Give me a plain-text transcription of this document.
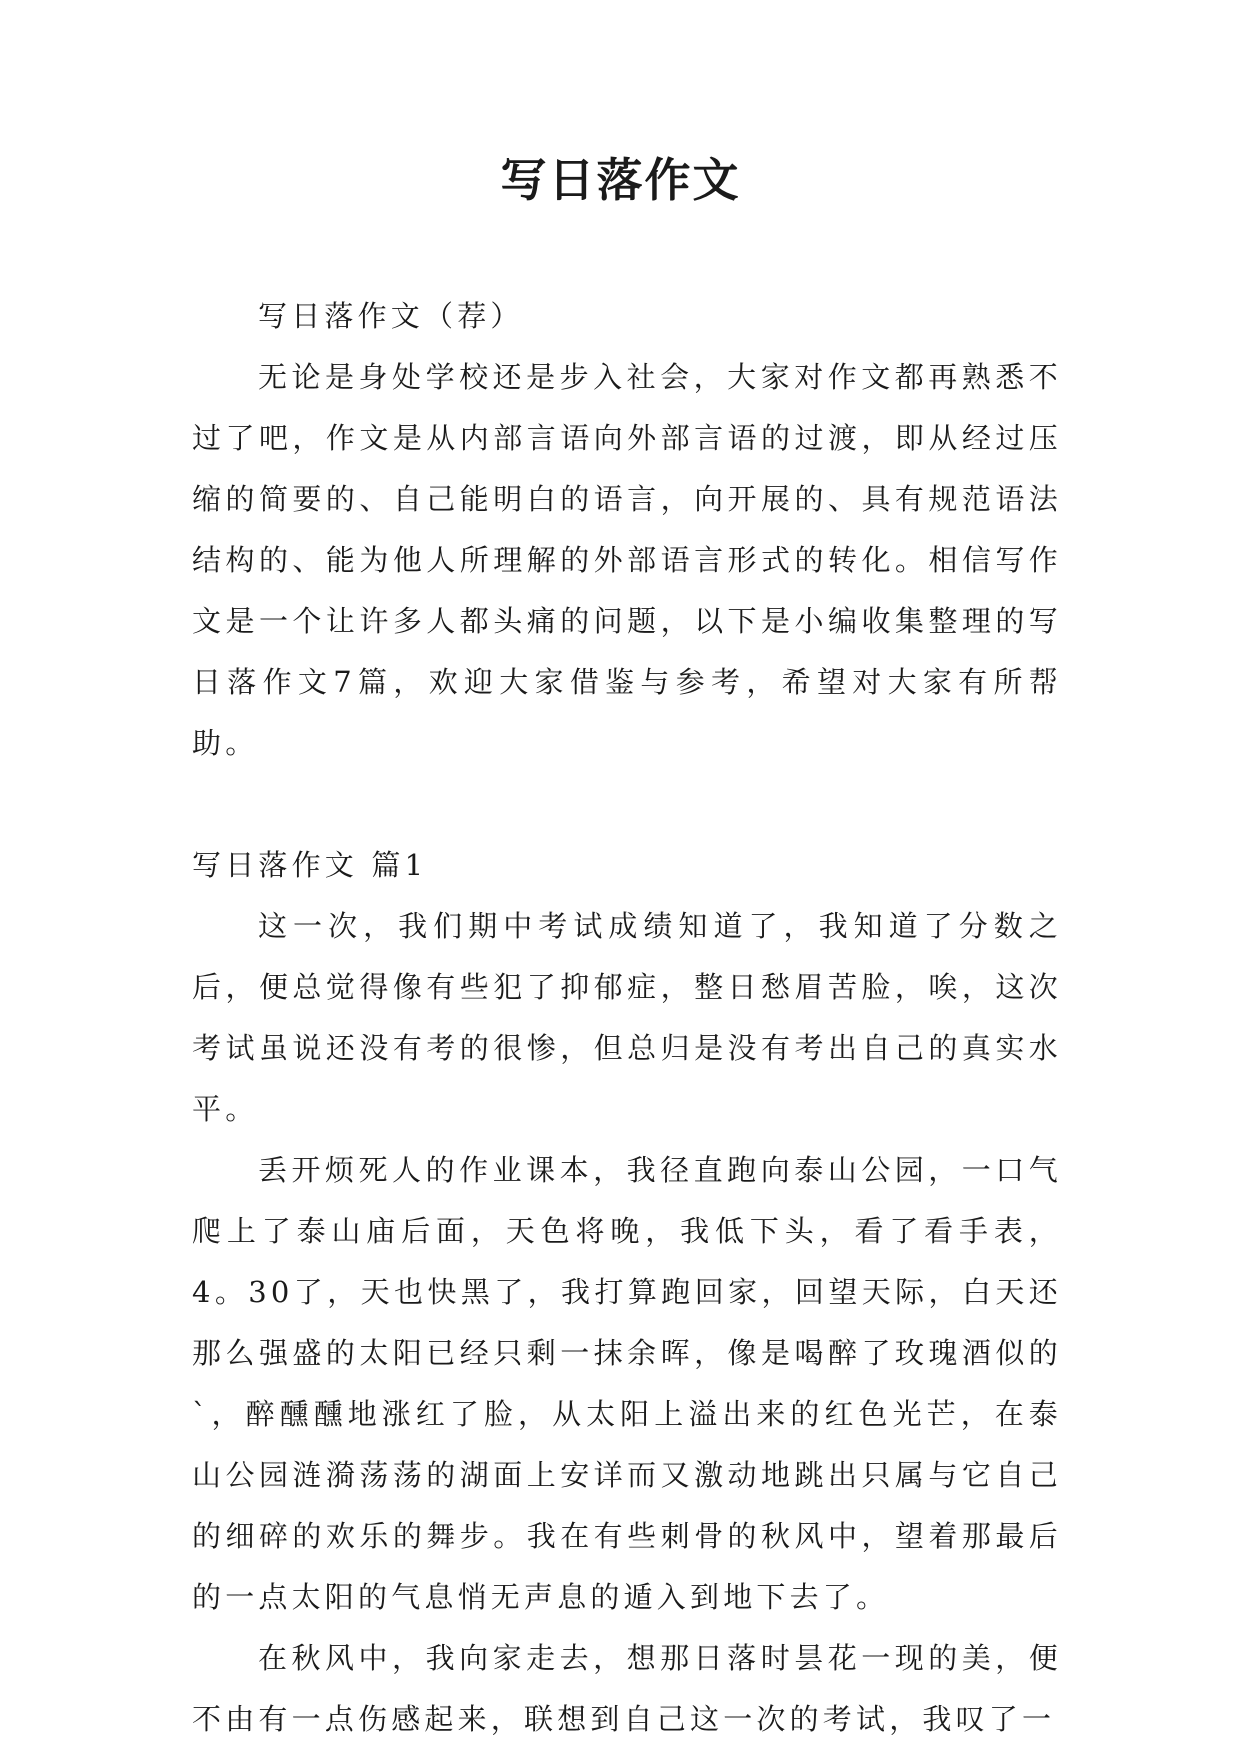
写日落作文

写日落作文（荐）

无论是身处学校还是步入社会，大家对作文都再熟悉不过了吧，作文是从内部言语向外部言语的过渡，即从经过压缩的简要的、自己能明白的语言，向开展的、具有规范语法结构的、能为他人所理解的外部语言形式的转化。相信写作文是一个让许多人都头痛的问题，以下是小编收集整理的写日落作文7篇，欢迎大家借鉴与参考，希望对大家有所帮助。

写日落作文 篇1

这一次，我们期中考试成绩知道了，我知道了分数之后，便总觉得像有些犯了抑郁症，整日愁眉苦脸，唉，这次考试虽说还没有考的很惨，但总归是没有考出自己的真实水平。

丢开烦死人的作业课本，我径直跑向泰山公园，一口气爬上了泰山庙后面，天色将晚，我低下头，看了看手表，4。30了，天也快黑了，我打算跑回家，回望天际，白天还那么强盛的太阳已经只剩一抹余晖，像是喝醉了玫瑰酒似的`，醉醺醺地涨红了脸，从太阳上溢出来的红色光芒，在泰山公园涟漪荡荡的湖面上安详而又激动地跳出只属与它自己的细碎的欢乐的舞步。我在有些刺骨的秋风中，望着那最后的一点太阳的气息悄无声息的遁入到地下去了。

在秋风中，我向家走去，想那日落时昙花一现的美，便不由有一点伤感起来，联想到自己这一次的考试，我叹了一
